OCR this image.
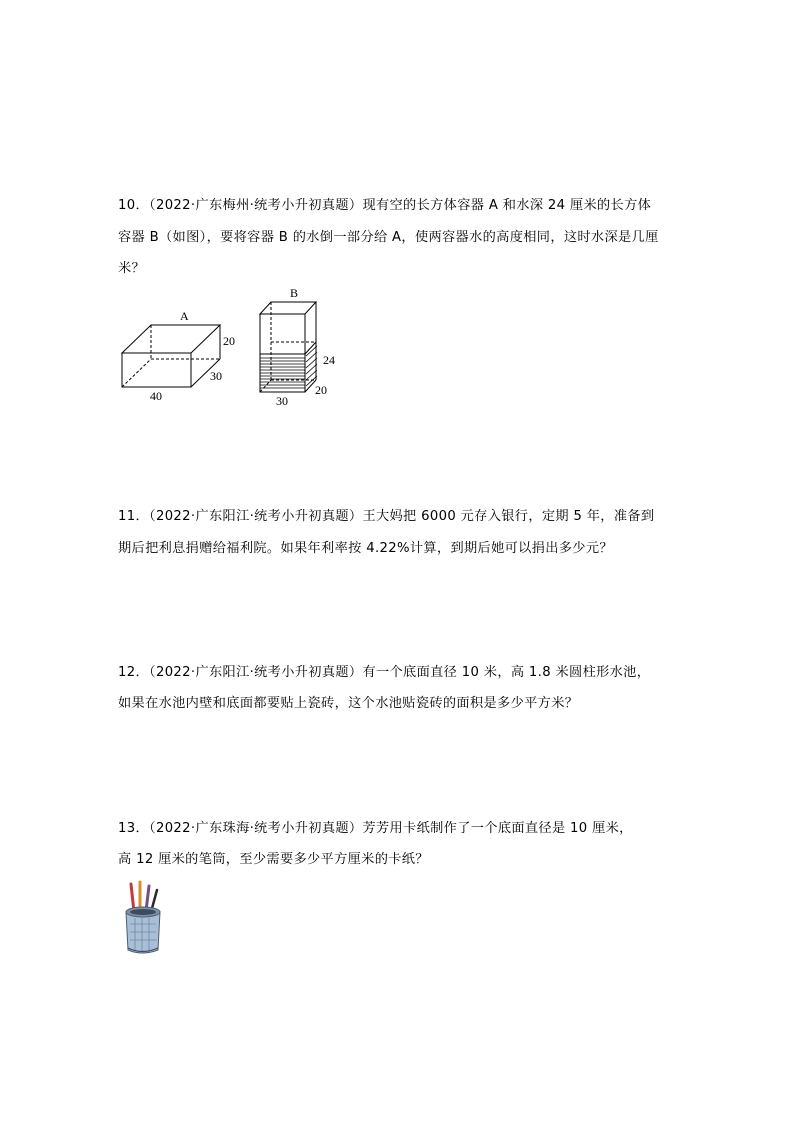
10．（2022·广东梅州·统考小升初真题）现有空的长方体容器 A 和水深 24 厘米的长方体
容器 B（如图），要将容器 B 的水倒一部分给 A，使两容器水的高度相同，这时水深是几厘
米？
A
20
30
40
B
24
20
30
11．（2022·广东阳江·统考小升初真题）王大妈把 6000 元存入银行，定期 5 年，准备到
期后把利息捐赠给福利院。如果年利率按 4.22%计算，到期后她可以捐出多少元？
12．（2022·广东阳江·统考小升初真题）有一个底面直径 10 米，高 1.8 米圆柱形水池，
如果在水池内壁和底面都要贴上瓷砖，这个水池贴瓷砖的面积是多少平方米？
13．（2022·广东珠海·统考小升初真题）芳芳用卡纸制作了一个底面直径是 10 厘米，
高 12 厘米的笔筒，至少需要多少平方厘米的卡纸？
